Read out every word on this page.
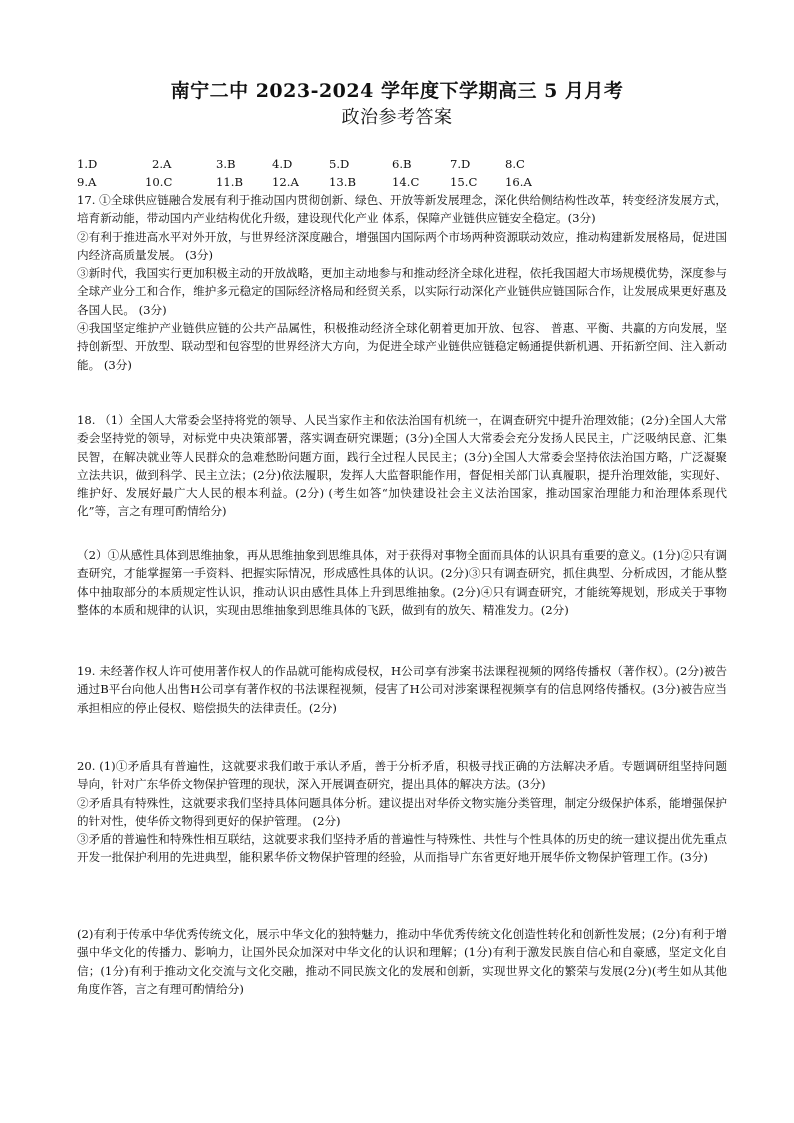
南宁二中 2023-2024 学年度下学期高三 5 月月考
政治参考答案
1.D	2.A	3.B	4.D	5.D	6.B	7.D	8.C
9.A	10.C	11.B	12.A	13.B	14.C	15.C 16.A

17. ①全球供应链融合发展有利于推动国内贯彻创新、绿色、开放等新发展理念，深化供给侧结构性改革，转变经济发展方式，培育新动能，带动国内产业结构优化升级，建设现代化产业 体系，保障产业链供应链安全稳定。(3分)

②有利于推进高水平对外开放，与世界经济深度融合，增强国内国际两个市场两种资源联动效应，推动构建新发展格局，促进国内经济高质量发展。 (3分)

③新时代，我国实行更加积极主动的开放战略，更加主动地参与和推动经济全球化进程，依托我国超大市场规模优势，深度参与全球产业分工和合作，维护多元稳定的国际经济格局和经贸关系，以实际行动深化产业链供应链国际合作，让发展成果更好惠及各国人民。 (3分)

④我国坚定维护产业链供应链的公共产品属性，积极推动经济全球化朝着更加开放、包容、 普惠、平衡、共赢的方向发展，坚持创新型、开放型、联动型和包容型的世界经济大方向，为促进全球产业链供应链稳定畅通提供新机遇、开拓新空间、注入新动能。 (3分)

18. （1）全国人大常委会坚持将党的领导、人民当家作主和依法治国有机统一，在调查研究中提升治理效能；(2分)全国人大常委会坚持党的领导，对标党中央决策部署，落实调查研究课题；(3分)全国人大常委会充分发扬人民民主，广泛吸纳民意、汇集民智，在解决就业等人民群众的急难愁盼问题方面，践行全过程人民民主；(3分)全国人大常委会坚持依法治国方略，广泛凝聚立法共识，做到科学、民主立法；(2分)依法履职，发挥人大监督职能作用，督促相关部门认真履职，提升治理效能，实现好、维护好、发展好最广大人民的根本利益。(2分) (考生如答“加快建设社会主义法治国家，推动国家治理能力和治理体系现代化”等，言之有理可酌情给分)

（2）①从感性具体到思维抽象，再从思维抽象到思维具体，对于获得对事物全面而具体的认识具有重要的意义。(1分)②只有调查研究，才能掌握第一手资料、把握实际情况，形成感性具体的认识。(2分)③只有调查研究，抓住典型、分析成因，才能从整体中抽取部分的本质规定性认识，推动认识由感性具体上升到思维抽象。(2分)④只有调查研究，才能统筹规划，形成关于事物整体的本质和规律的认识，实现由思维抽象到思维具体的飞跃，做到有的放矢、精准发力。(2分)

19. 未经著作权人许可使用著作权人的作品就可能构成侵权，H公司享有涉案书法课程视频的网络传播权（著作权）。(2分)被告通过B平台向他人出售H公司享有著作权的书法课程视频，侵害了H公司对涉案课程视频享有的信息网络传播权。(3分)被告应当承担相应的停止侵权、赔偿损失的法律责任。(2分)

20. (1)①矛盾具有普遍性，这就要求我们敢于承认矛盾，善于分析矛盾，积极寻找正确的方法解决矛盾。专题调研组坚持问题导向，针对广东华侨文物保护管理的现状，深入开展调查研究，提出具体的解决方法。(3分)

②矛盾具有特殊性，这就要求我们坚持具体问题具体分析。建议提出对华侨文物实施分类管理，制定分级保护体系，能增强保护的针对性，使华侨文物得到更好的保护管理。 (2分)

③矛盾的普遍性和特殊性相互联结，这就要求我们坚持矛盾的普遍性与特殊性、共性与个性具体的历史的统一建议提出优先重点开发一批保护利用的先进典型，能积累华侨文物保护管理的经验，从而指导广东省更好地开展华侨文物保护管理工作。(3分)

(2)有利于传承中华优秀传统文化，展示中华文化的独特魅力，推动中华优秀传统文化创造性转化和创新性发展；(2分)有利于增强中华文化的传播力、影响力，让国外民众加深对中华文化的认识和理解；(1分)有利于激发民族自信心和自豪感，坚定文化自信；(1分)有利于推动文化交流与文化交融，推动不同民族文化的发展和创新，实现世界文化的繁荣与发展(2分)(考生如从其他角度作答，言之有理可酌情给分)
